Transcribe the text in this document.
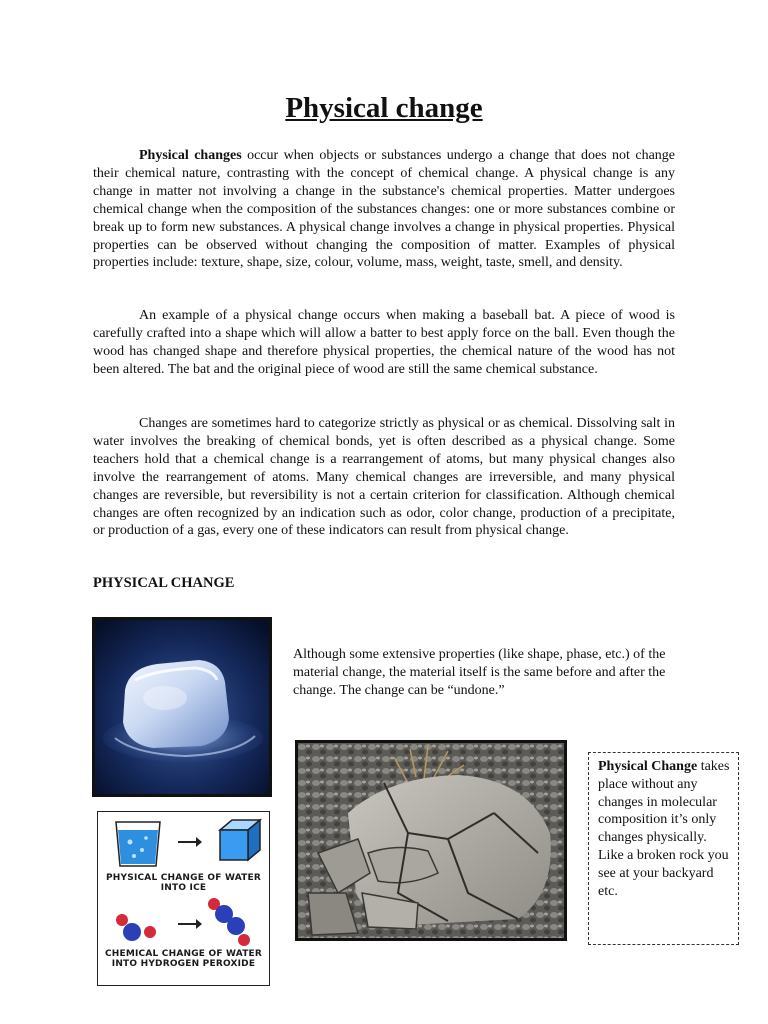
Physical change

Physical changes occur when objects or substances undergo a change that does not change their chemical nature, contrasting with the concept of chemical change. A physical change is any change in matter not involving a change in the substance's chemical properties. Matter undergoes chemical change when the composition of the substances changes: one or more substances combine or break up to form new substances. A physical change involves a change in physical properties. Physical properties can be observed without changing the composition of matter. Examples of physical properties include: texture, shape, size, colour, volume, mass, weight, taste, smell, and density.

An example of a physical change occurs when making a baseball bat. A piece of wood is carefully crafted into a shape which will allow a batter to best apply force on the ball. Even though the wood has changed shape and therefore physical properties, the chemical nature of the wood has not been altered. The bat and the original piece of wood are still the same chemical substance.

Changes are sometimes hard to categorize strictly as physical or as chemical. Dissolving salt in water involves the breaking of chemical bonds, yet is often described as a physical change. Some teachers hold that a chemical change is a rearrangement of atoms, but many physical changes also involve the rearrangement of atoms. Many chemical changes are irreversible, and many physical changes are reversible, but reversibility is not a certain criterion for classification. Although chemical changes are often recognized by an indication such as odor, color change, production of a precipitate, or production of a gas, every one of these indicators can result from physical change.

PHYSICAL CHANGE

Although some extensive properties (like shape, phase, etc.) of the material change, the material itself is the same before and after the change. The change can be “undone.”

Physical Change takes place without any changes in molecular composition it’s only changes physically. Like a broken rock you see at your backyard etc.
PHYSICAL CHANGE OF WATER INTO ICE
CHEMICAL CHANGE OF WATER INTO HYDROGEN PEROXIDE
